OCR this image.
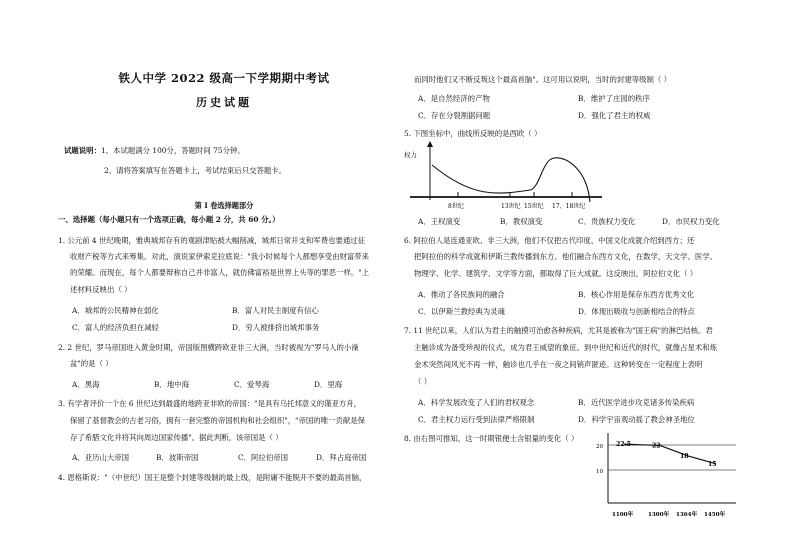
铁人中学 2022 级高一下学期期中考试
历史试题
试题说明：1、本试题满分 100分，答题时间 75分钟。
2、请将答案填写在答题卡上，考试结束后只交答题卡。
第 I 卷选择题部分
一、选择题（每小题只有一个选项正确，每小题 2 分，共 60 分。）
1. 公元前 4 世纪晚期，雅典城邦存有的观剧津贴被大幅削减，城邦日常开支和军费也要通过征
收财产税等方式来筹集。对此，演说家伊索克拉底说："我小时候每个人都想享受由财富带来
的荣耀。而现在，每个人都要辩称自己并非富人，就仿佛富裕是世界上头等的罪恶一样。"上
述材料反映出（ ）
A．城邦的公民精神在弱化	B．富人对民主制度有信心
C．富人的经济负担在减轻	D．穷人被排挤出城邦事务
2. 2 世纪，罗马帝国进入黄金时期，帝国版图横跨欧亚非三大洲，当时被视为"罗马人的小澡
盆"的是（ ）
A．黑海	B．地中海	C．爱琴海	D．里海
3. 有学者评价一个在 6 世纪达到最盛的地跨亚非欧的帝国："是具有乌托邦意义的谨亚方舟，
保留了基督教会的古老习俗，拥有一套完整的帝国机构和社会组织"，"帝国的唯一贡献是保
存了希腊文化并将其向周边国家传播"。据此判断，该帝国是（ ）
A．亚历山大帝国	B．波斯帝国	C．阿拉伯帝国	D．拜占庭帝国
4. 恩格斯说："（中世纪）国王是整个封建等级制的最上级，是附庸不能脱开不要的最高首脑，
而同时他们又不断反叛这个最高首脑"。这可用以说明，当时的封建等级制（ ）
A．是自然经济的产物	B．维护了庄园的秩序
C．存在分裂割据问题	D．强化了君主的权威
5. 下图坐标中，曲线所反映的是西欧（ ）
权力
8世纪	13世纪 15世纪 17、18世纪
A．王权演变	B．教权演变	C．贵族权力变化	D．市民权力变化
6. 阿拉伯人是连通亚欧、非三大洲，他们不仅把古代印度、中国文化成就介绍到西方；还
把阿拉伯的科学成就和伊斯兰教传播到东方。他们融合东西方文化，在数学，天文学、医学、
物理学、化学、建筑学、文学等方面，都取得了巨大成就。这反映出，阿拉伯文化（ ）
A．推动了各民族间的融合	B．核心作用是保存东西方优秀文化
C．以伊斯兰教经典为灵魂	D．体现出吸收与创新相结合的特点
7. 11 世纪以来，人们认为君主的触摸可治愈各种疾病，尤其是被称为"国王病"的淋巴结核。君
主触诊成为备受珍视的仪式，成为君王威望的象征。到中世纪和近代的时代，就像占星术和炼
金术突然间风光不再一样，触诊也几乎在一夜之间销声匿迹。这种转变在一定程度上表明
（ ）
A．科学发展改变了人们的君权观念	B．近代医学进步攻克诸多传染疾病
C．君主权力运行受到法律严格限制	D．科学宇宙观动摇了教会神圣地位
8. 由右图可推知，这一时期银便士含银量的变化（ ）
20
10
22.5	22
18
15
1100年	1300年 1364年 1450年
